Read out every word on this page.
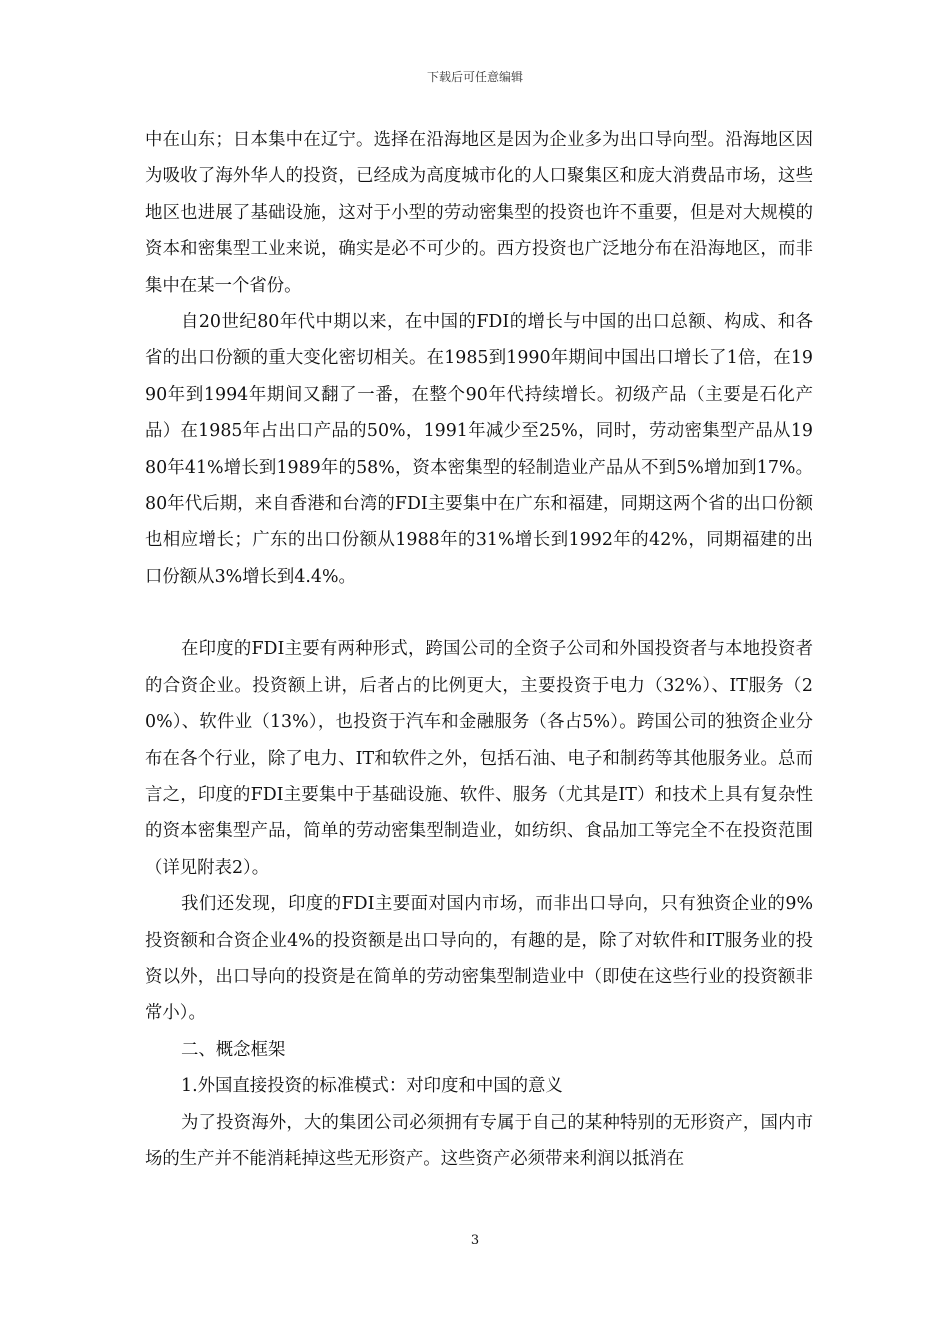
下载后可任意编辑

中在山东；日本集中在辽宁。选择在沿海地区是因为企业多为出口导向型。沿海地区因为吸收了海外华人的投资，已经成为高度城市化的人口聚集区和庞大消费品市场，这些地区也进展了基础设施，这对于小型的劳动密集型的投资也许不重要，但是对大规模的资本和密集型工业来说，确实是必不可少的。西方投资也广泛地分布在沿海地区，而非集中在某一个省份。

自20世纪80年代中期以来，在中国的FDI的增长与中国的出口总额、构成、和各省的出口份额的重大变化密切相关。在1985到1990年期间中国出口增长了1倍，在1990年到1994年期间又翻了一番，在整个90年代持续增长。初级产品（主要是石化产品）在1985年占出口产品的50%，1991年减少至25%，同时，劳动密集型产品从1980年41%增长到1989年的58%，资本密集型的轻制造业产品从不到5%增加到17%。80年代后期，来自香港和台湾的FDI主要集中在广东和福建，同期这两个省的出口份额也相应增长；广东的出口份额从1988年的31%增长到1992年的42%，同期福建的出口份额从3%增长到4.4%。

在印度的FDI主要有两种形式，跨国公司的全资子公司和外国投资者与本地投资者的合资企业。投资额上讲，后者占的比例更大，主要投资于电力（32%）、IT服务（20%）、软件业（13%），也投资于汽车和金融服务（各占5%）。跨国公司的独资企业分布在各个行业，除了电力、IT和软件之外，包括石油、电子和制药等其他服务业。总而言之，印度的FDI主要集中于基础设施、软件、服务（尤其是IT）和技术上具有复杂性的资本密集型产品，简单的劳动密集型制造业，如纺织、食品加工等完全不在投资范围（详见附表2）。

我们还发现，印度的FDI主要面对国内市场，而非出口导向，只有独资企业的9%投资额和合资企业4%的投资额是出口导向的，有趣的是，除了对软件和IT服务业的投资以外，出口导向的投资是在简单的劳动密集型制造业中（即使在这些行业的投资额非常小）。

二、概念框架

1.外国直接投资的标准模式：对印度和中国的意义

为了投资海外，大的集团公司必须拥有专属于自己的某种特别的无形资产，国内市场的生产并不能消耗掉这些无形资产。这些资产必须带来利润以抵消在

3
